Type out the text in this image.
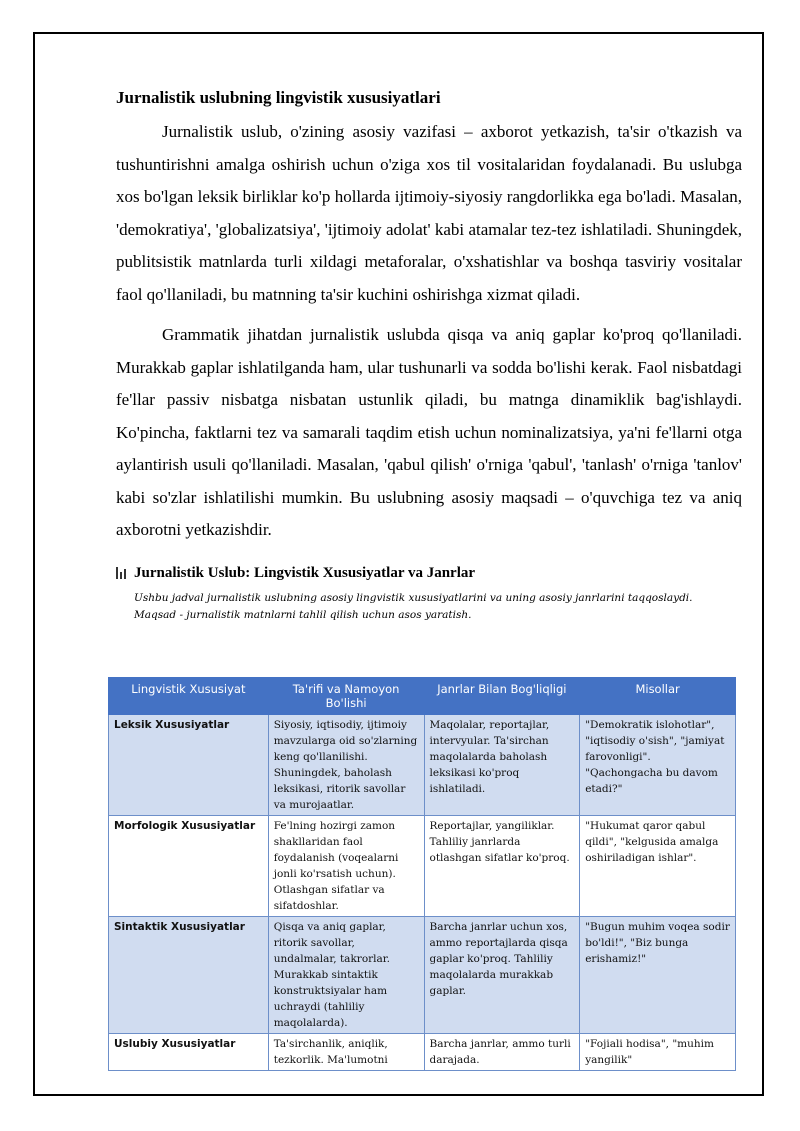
Jurnalistik uslubning lingvistik xususiyatlari

Jurnalistik uslub, o'zining asosiy vazifasi – axborot yetkazish, ta'sir o'tkazish va tushuntirishni amalga oshirish uchun o'ziga xos til vositalaridan foydalanadi. Bu uslubga xos bo'lgan leksik birliklar ko'p hollarda ijtimoiy-siyosiy rangdorlikka ega bo'ladi. Masalan, 'demokratiya', 'globalizatsiya', 'ijtimoiy adolat' kabi atamalar tez-tez ishlatiladi. Shuningdek, publitsistik matnlarda turli xildagi metaforalar, o'xshatishlar va boshqa tasviriy vositalar faol qo'llaniladi, bu matnning ta'sir kuchini oshirishga xizmat qiladi.

Grammatik jihatdan jurnalistik uslubda qisqa va aniq gaplar ko'proq qo'llaniladi. Murakkab gaplar ishlatilganda ham, ular tushunarli va sodda bo'lishi kerak. Faol nisbatdagi fe'llar passiv nisbatga nisbatan ustunlik qiladi, bu matnga dinamiklik bag'ishlaydi. Ko'pincha, faktlarni tez va samarali taqdim etish uchun nominalizatsiya, ya'ni fe'llarni otga aylantirish usuli qo'llaniladi. Masalan, 'qabul qilish' o'rniga 'qabul', 'tanlash' o'rniga 'tanlov' kabi so'zlar ishlatilishi mumkin. Bu uslubning asosiy maqsadi – o'quvchiga tez va aniq axborotni yetkazishdir.

Jurnalistik Uslub: Lingvistik Xususiyatlar va Janrlar
Ushbu jadval jurnalistik uslubning asosiy lingvistik xususiyatlarini va uning asosiy janrlarini taqqoslaydi.
Maqsad - jurnalistik matnlarni tahlil qilish uchun asos yaratish.
Lingvistik Xususiyat	Ta'rifi va Namoyon Bo'lishi	Janrlar Bilan Bog'liqligi	Misollar
Leksik Xususiyatlar	Siyosiy, iqtisodiy, ijtimoiy mavzularga oid so'zlarning keng qo'llanilishi. Shuningdek, baholash leksikasi, ritorik savollar va murojaatlar.	Maqolalar, reportajlar, intervyular. Ta'sirchan maqolalarda baholash leksikasi ko'proq ishlatiladi.	"Demokratik islohotlar", "iqtisodiy o'sish", "jamiyat farovonligi". "Qachongacha bu davom etadi?"
Morfologik Xususiyatlar	Fe'lning hozirgi zamon shakllaridan faol foydalanish (voqealarni jonli ko'rsatish uchun). Otlashgan sifatlar va sifatdoshlar.	Reportajlar, yangiliklar. Tahliliy janrlarda otlashgan sifatlar ko'proq.	"Hukumat qaror qabul qildi", "kelgusida amalga oshiriladigan ishlar".
Sintaktik Xususiyatlar	Qisqa va aniq gaplar, ritorik savollar, undalmalar, takrorlar. Murakkab sintaktik konstruktsiyalar ham uchraydi (tahliliy maqolalarda).	Barcha janrlar uchun xos, ammo reportajlarda qisqa gaplar ko'proq. Tahliliy maqolalarda murakkab gaplar.	"Bugun muhim voqea sodir bo'ldi!", "Biz bunga erishamiz!"
Uslubiy Xususiyatlar	Ta'sirchanlik, aniqlik, tezkorlik. Ma'lumotni	Barcha janrlar, ammo turli darajada.	"Fojiali hodisa", "muhim yangilik"
